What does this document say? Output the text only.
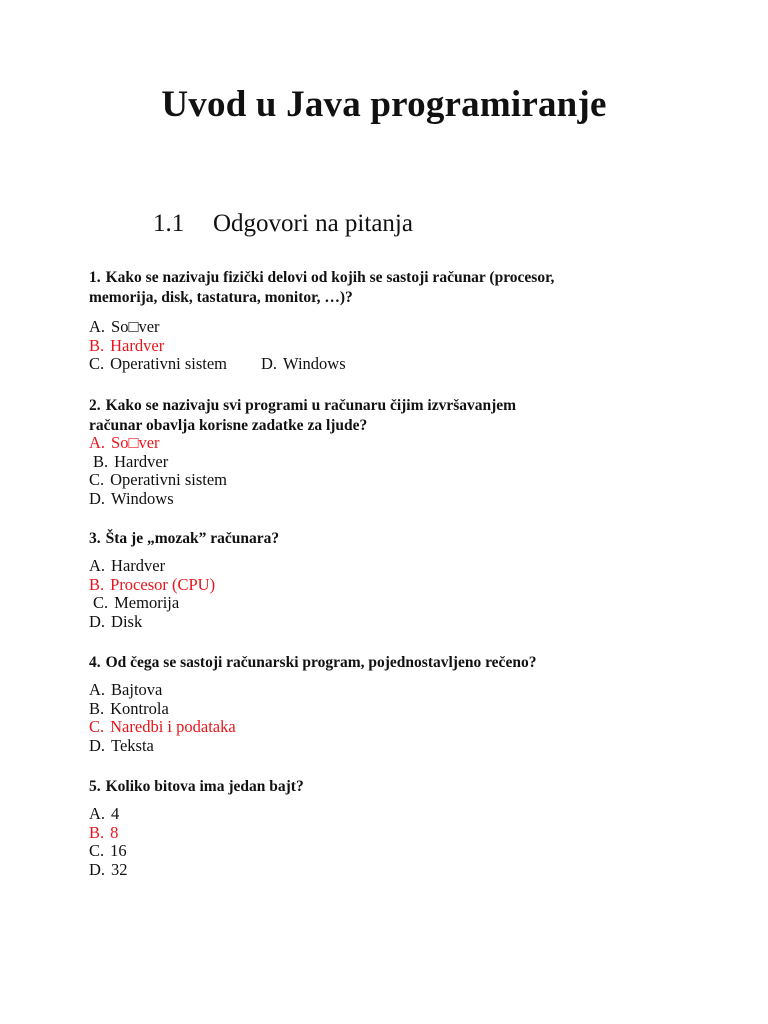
Uvod u Java programiranje
1.1 Odgovori na pitanja

1. Kako se nazivaju fizički delovi od kojih se sastoji računar (procesor,
memorija, disk, tastatura, monitor, …)?

A. So□ver
B. Hardver
C. Operativni sistem D. Windows

2. Kako se nazivaju svi programi u računaru čijim izvršavanjem
računar obavlja korisne zadatke za ljude?

A. So□ver
B. Hardver
C. Operativni sistem
D. Windows

3. Šta je „mozak” računara?

A. Hardver
B. Procesor (CPU)
C. Memorija
D. Disk

4. Od čega se sastoji računarski program, pojednostavljeno rečeno?

A. Bajtova
B. Kontrola
C. Naredbi i podataka
D. Teksta

5. Koliko bitova ima jedan bajt?

A. 4
B. 8
C. 16
D. 32
